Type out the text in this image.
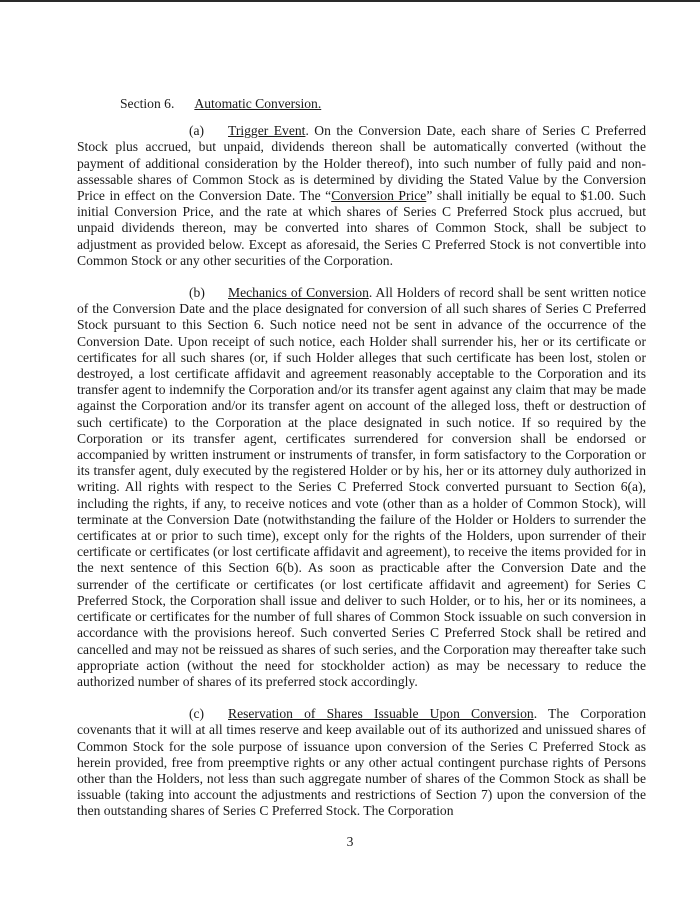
Section 6. Automatic Conversion.

(a) Trigger Event. On the Conversion Date, each share of Series C Preferred Stock plus accrued, but unpaid, dividends thereon shall be automatically converted (without the payment of additional consideration by the Holder thereof), into such number of fully paid and non-assessable shares of Common Stock as is determined by dividing the Stated Value by the Conversion Price in effect on the Conversion Date. The “Conversion Price” shall initially be equal to $1.00. Such initial Conversion Price, and the rate at which shares of Series C Preferred Stock plus accrued, but unpaid dividends thereon, may be converted into shares of Common Stock, shall be subject to adjustment as provided below. Except as aforesaid, the Series C Preferred Stock is not convertible into Common Stock or any other securities of the Corporation.

(b) Mechanics of Conversion. All Holders of record shall be sent written notice of the Conversion Date and the place designated for conversion of all such shares of Series C Preferred Stock pursuant to this Section 6. Such notice need not be sent in advance of the occurrence of the Conversion Date. Upon receipt of such notice, each Holder shall surrender his, her or its certificate or certificates for all such shares (or, if such Holder alleges that such certificate has been lost, stolen or destroyed, a lost certificate affidavit and agreement reasonably acceptable to the Corporation and its transfer agent to indemnify the Corporation and/or its transfer agent against any claim that may be made against the Corporation and/or its transfer agent on account of the alleged loss, theft or destruction of such certificate) to the Corporation at the place designated in such notice. If so required by the Corporation or its transfer agent, certificates surrendered for conversion shall be endorsed or accompanied by written instrument or instruments of transfer, in form satisfactory to the Corporation or its transfer agent, duly executed by the registered Holder or by his, her or its attorney duly authorized in writing. All rights with respect to the Series C Preferred Stock converted pursuant to Section 6(a), including the rights, if any, to receive notices and vote (other than as a holder of Common Stock), will terminate at the Conversion Date (notwithstanding the failure of the Holder or Holders to surrender the certificates at or prior to such time), except only for the rights of the Holders, upon surrender of their certificate or certificates (or lost certificate affidavit and agreement), to receive the items provided for in the next sentence of this Section 6(b). As soon as practicable after the Conversion Date and the surrender of the certificate or certificates (or lost certificate affidavit and agreement) for Series C Preferred Stock, the Corporation shall issue and deliver to such Holder, or to his, her or its nominees, a certificate or certificates for the number of full shares of Common Stock issuable on such conversion in accordance with the provisions hereof. Such converted Series C Preferred Stock shall be retired and cancelled and may not be reissued as shares of such series, and the Corporation may thereafter take such appropriate action (without the need for stockholder action) as may be necessary to reduce the authorized number of shares of its preferred stock accordingly.

(c) Reservation of Shares Issuable Upon Conversion. The Corporation covenants that it will at all times reserve and keep available out of its authorized and unissued shares of Common Stock for the sole purpose of issuance upon conversion of the Series C Preferred Stock as herein provided, free from preemptive rights or any other actual contingent purchase rights of Persons other than the Holders, not less than such aggregate number of shares of the Common Stock as shall be issuable (taking into account the adjustments and restrictions of Section 7) upon the conversion of the then outstanding shares of Series C Preferred Stock. The Corporation

3
